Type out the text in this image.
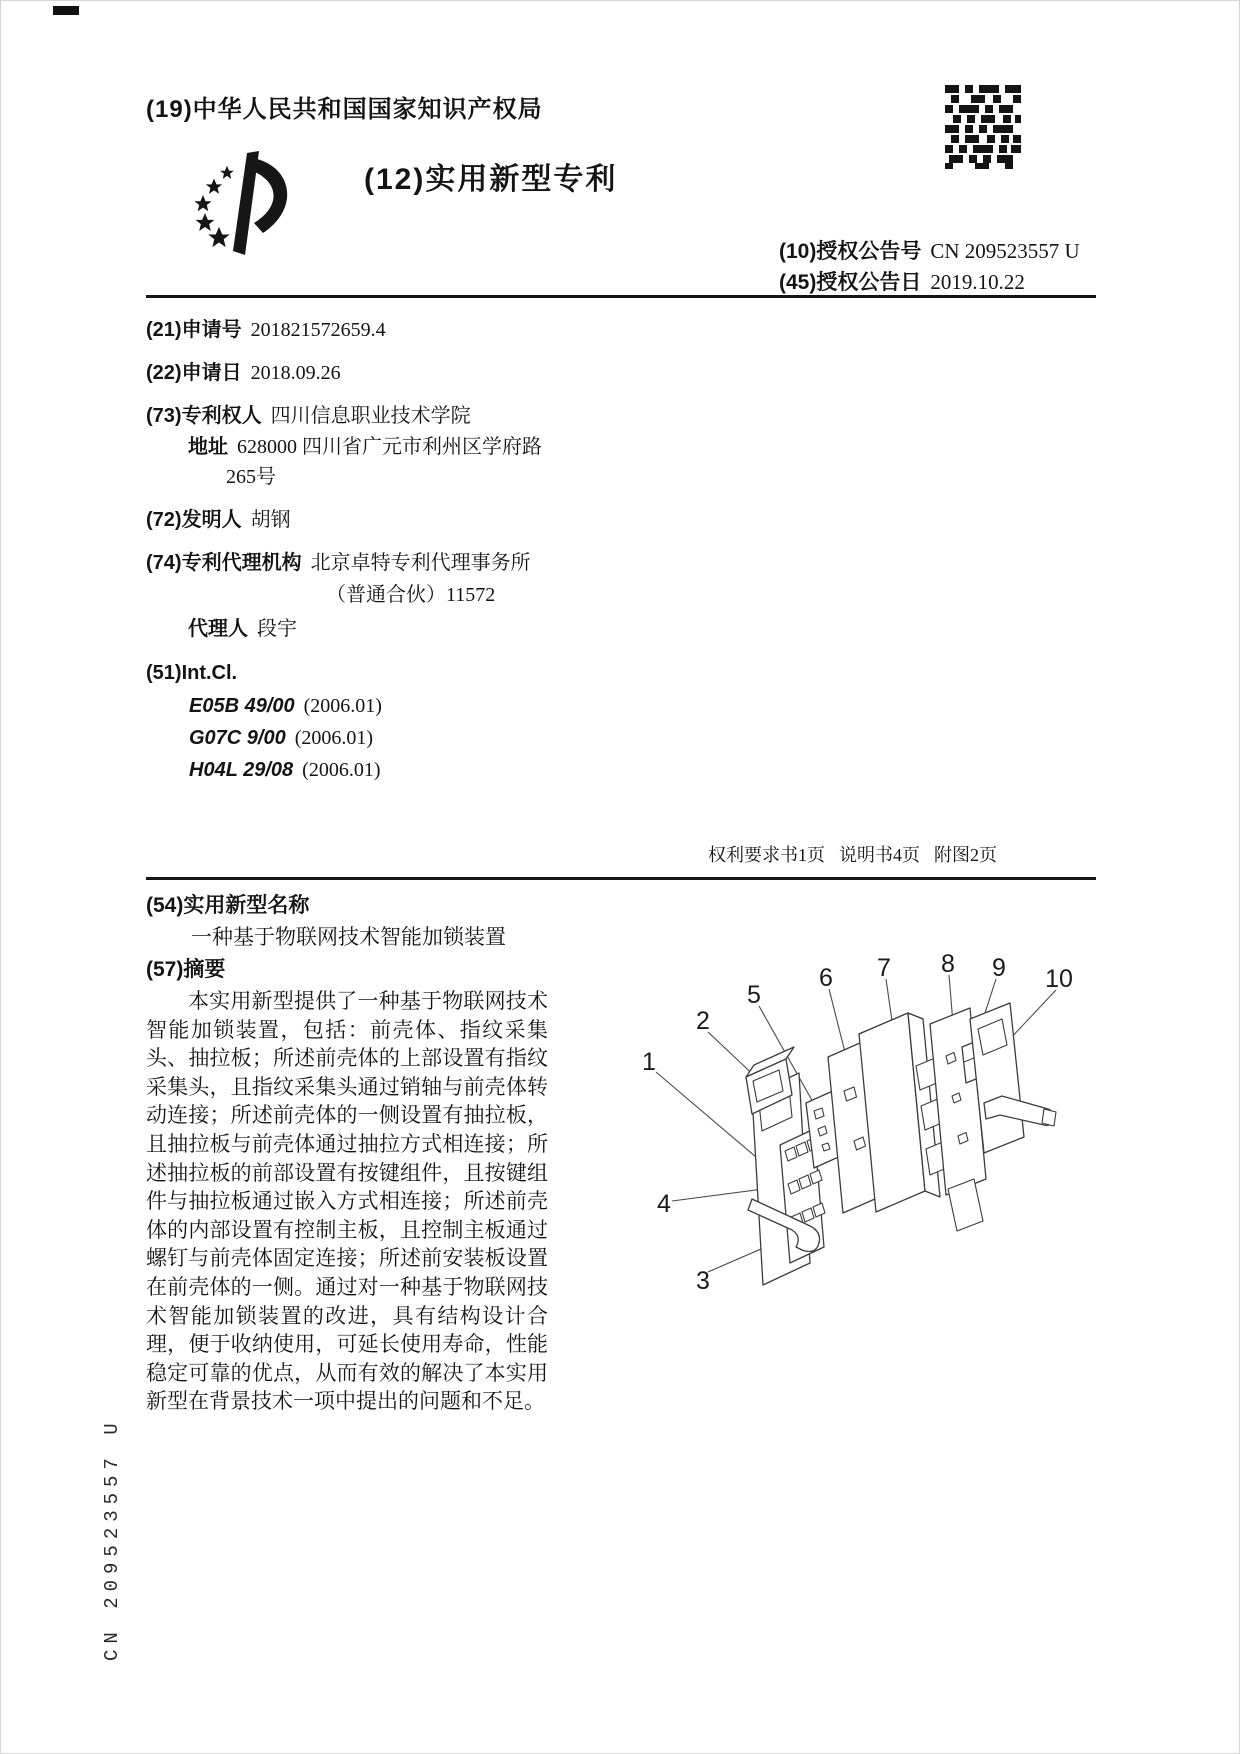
(19)中华人民共和国国家知识产权局
(12)实用新型专利
(10)授权公告号 CN 209523557 U
(45)授权公告日 2019.10.22
(21)申请号 201821572659.4
(22)申请日 2018.09.26
(73)专利权人 四川信息职业技术学院
地址 628000 四川省广元市利州区学府路
265号
(72)发明人 胡钢
(74)专利代理机构 北京卓特专利代理事务所
（普通合伙）11572
代理人 段宇
(51)Int.Cl.
E05B 49/00 (2006.01)
G07C 9/00 (2006.01)
H04L 29/08 (2006.01)
权利要求书1页 说明书4页 附图2页
(54)实用新型名称
一种基于物联网技术智能加锁装置
(57)摘要
本实用新型提供了一种基于物联网技术智能加锁装置，包括：前壳体、指纹采集头、抽拉板；所述前壳体的上部设置有指纹采集头，且指纹采集头通过销轴与前壳体转动连接；所述前壳体的一侧设置有抽拉板，且抽拉板与前壳体通过抽拉方式相连接；所述抽拉板的前部设置有按键组件，且按键组件与抽拉板通过嵌入方式相连接；所述前壳体的内部设置有控制主板，且控制主板通过螺钉与前壳体固定连接；所述前安装板设置在前壳体的一侧。通过对一种基于物联网技术智能加锁装置的改进，具有结构设计合理，便于收纳使用，可延长使用寿命，性能稳定可靠的优点，从而有效的解决了本实用新型在背景技术一项中提出的问题和不足。
1
2
3
4
5
6 7 8 9 10
CN 209523557 U
